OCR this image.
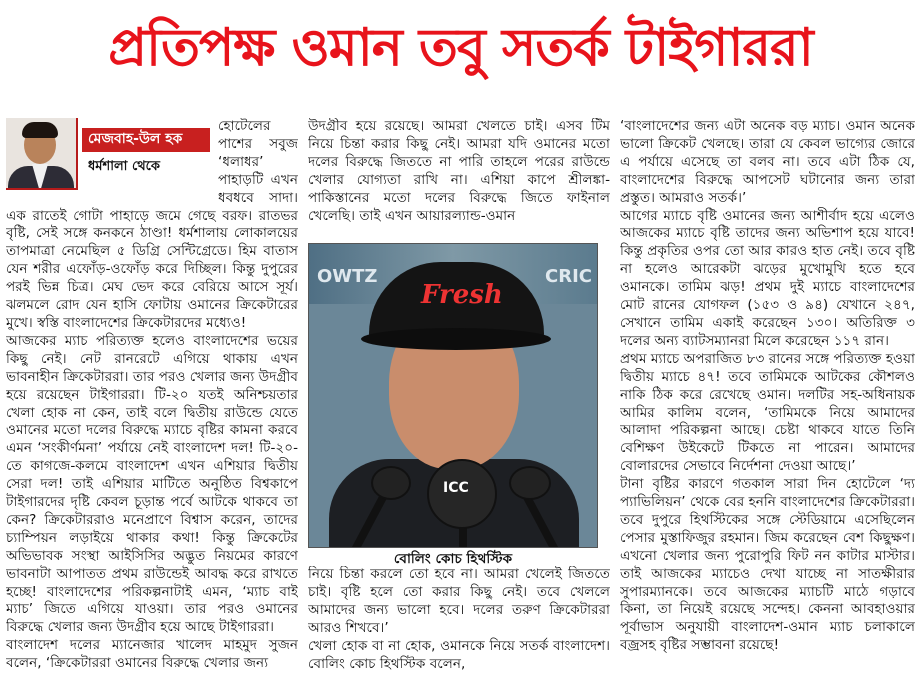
প্রতিপক্ষ ওমান তবু সতর্ক টাইগাররা
মেজবাহ-উল হক
ধর্মশালা থেকে

হোটেলের পাশের সবুজ ‘ধলাধর’ পাহাড়টি এখন ধবধবে সাদা। এক রাতেই গোটা পাহাড়ে জমে গেছে বরফ। রাতভর বৃষ্টি, সেই সঙ্গে কনকনে ঠাণ্ডা! ধর্মশালায় লোকালয়ের তাপমাত্রা নেমেছিল ৫ ডিগ্রি সেন্টিগ্রেডে। হিম বাতাস যেন শরীর এফোঁড়-ওফোঁড় করে দিচ্ছিল। কিন্তু দুপুরের পরই ভিন্ন চিত্র। মেঘ ভেদ করে বেরিয়ে আসে সূর্য। ঝলমলে রোদ যেন হাসি ফোটায় ওমানের ক্রিকেটারের মুখে। স্বস্তি বাংলাদেশের ক্রিকেটারদের মধ্যেও!

আজকের ম্যাচ পরিত্যক্ত হলেও বাংলাদেশের ভয়ের কিছু নেই। নেট রানরেটে এগিয়ে থাকায় এখন ভাবনাহীন ক্রিকেটাররা। তার পরও খেলার জন্য উদগ্রীব হয়ে রয়েছেন টাইগাররা। টি-২০ যতই অনিশ্চয়তার খেলা হোক না কেন, তাই বলে দ্বিতীয় রাউন্ডে যেতে ওমানের মতো দলের বিরুদ্ধে ম্যাচে বৃষ্টির কামনা করবে এমন ‘সংকীর্ণমনা’ পর্যায়ে নেই বাংলাদেশ দল! টি-২০-তে কাগজে-কলমে বাংলাদেশ এখন এশিয়ার দ্বিতীয় সেরা দল! তাই এশিয়ার মাটিতে অনুষ্ঠিত বিশ্বকাপে টাইগারদের দৃষ্টি কেবল চূড়ান্ত পর্বে আটকে থাকবে তা কেন? ক্রিকেটাররাও মনেপ্রাণে বিশ্বাস করেন, তাদের চ্যাম্পিয়ন লড়াইয়ে থাকার কথা! কিন্তু ক্রিকেটের অভিভাবক সংস্থা আইসিসির অদ্ভুত নিয়মের কারণে ভাবনাটা আপাতত প্রথম রাউন্ডেই আবদ্ধ করে রাখতে হচ্ছে! বাংলাদেশের পরিকল্পনাটাই এমন, ‘ম্যাচ বাই ম্যাচ’ জিতে এগিয়ে যাওয়া। তার পরও ওমানের বিরুদ্ধে খেলার জন্য উদগ্রীব হয়ে আছে টাইগাররা।

বাংলাদেশ দলের ম্যানেজার খালেদ মাহমুদ সুজন বলেন, ‘ক্রিকেটাররা ওমানের বিরুদ্ধে খেলার জন্য

উদগ্রীব হয়ে রয়েছে। আমরা খেলতে চাই। এসব টিম নিয়ে চিন্তা করার কিছু নেই। আমরা যদি ওমানের মতো দলের বিরুদ্ধে জিততে না পারি তাহলে পরের রাউন্ডে খেলার যোগ্যতা রাখি না। এশিয়া কাপে শ্রীলঙ্কা-পাকিস্তানের মতো দলের বিরুদ্ধে জিতে ফাইনাল খেলেছি। তাই এখন আয়ারল্যান্ড-ওমান

OWTZ	CRIC
Fresh
ICC
বোলিং কোচ হিথস্টিক

নিয়ে চিন্তা করলে তো হবে না। আমরা খেলেই জিততে চাই। বৃষ্টি হলে তো করার কিছু নেই। তবে খেললে আমাদের জন্য ভালো হবে। দলের তরুণ ক্রিকেটাররা আরও শিখবে।’

খেলা হোক বা না হোক, ওমানকে নিয়ে সতর্ক বাংলাদেশ। বোলিং কোচ হিথস্টিক বলেন,

‘বাংলাদেশের জন্য এটা অনেক বড় ম্যাচ। ওমান অনেক ভালো ক্রিকেট খেলছে। তারা যে কেবল ভাগ্যের জোরে এ পর্যায়ে এসেছে তা বলব না। তবে এটা ঠিক যে, বাংলাদেশের বিরুদ্ধে আপসেট ঘটানোর জন্য তারা প্রস্তুত। আমরাও সতর্ক।’

আগের ম্যাচে বৃষ্টি ওমানের জন্য আশীর্বাদ হয়ে এলেও আজকের ম্যাচে বৃষ্টি তাদের জন্য অভিশাপ হয়ে যাবে! কিন্তু প্রকৃতির ওপর তো আর কারও হাত নেই। তবে বৃষ্টি না হলেও আরেকটা ঝড়ের মুখোমুখি হতে হবে ওমানকে। তামিম ঝড়! প্রথম দুই ম্যাচে বাংলাদেশের মোট রানের যোগফল (১৫৩ ও ৯৪) যেখানে ২৪৭, সেখানে তামিম একাই করেছেন ১৩০। অতিরিক্ত ৩ দলের অন্য ব্যাটসম্যানরা মিলে করেছেন ১১৭ রান।

প্রথম ম্যাচে অপরাজিত ৮৩ রানের সঙ্গে পরিত্যক্ত হওয়া দ্বিতীয় ম্যাচে ৪৭! তবে তামিমকে আটকের কৌশলও নাকি ঠিক করে রেখেছে ওমান। দলটির সহ-অধিনায়ক আমির কালিম বলেন, ‘তামিমকে নিয়ে আমাদের আলাদা পরিকল্পনা আছে। চেষ্টা থাকবে যাতে তিনি বেশিক্ষণ উইকেটে টিকতে না পারেন। আমাদের বোলারদের সেভাবে নির্দেশনা দেওয়া আছে।’

টানা বৃষ্টির কারণে গতকাল সারা দিন হোটেলে ‘দ্য প্যাভিলিয়ন’ থেকে বের হননি বাংলাদেশের ক্রিকেটাররা। তবে দুপুরে হিথস্টিকের সঙ্গে স্টেডিয়ামে এসেছিলেন পেসার মুস্তাফিজুর রহমান। জিম করেছেন বেশ কিছুক্ষণ। এখনো খেলার জন্য পুরোপুরি ফিট নন কাটার মাস্টার। তাই আজকের ম্যাচেও দেখা যাচ্ছে না সাতক্ষীরার সুপারম্যানকে। তবে আজকের ম্যাচটি মাঠে গড়াবে কিনা, তা নিয়েই রয়েছে সন্দেহ। কেননা আবহাওয়ার পূর্বাভাস অনুযায়ী বাংলাদেশ-ওমান ম্যাচ চলাকালে বজ্রসহ বৃষ্টির সম্ভাবনা রয়েছে!
